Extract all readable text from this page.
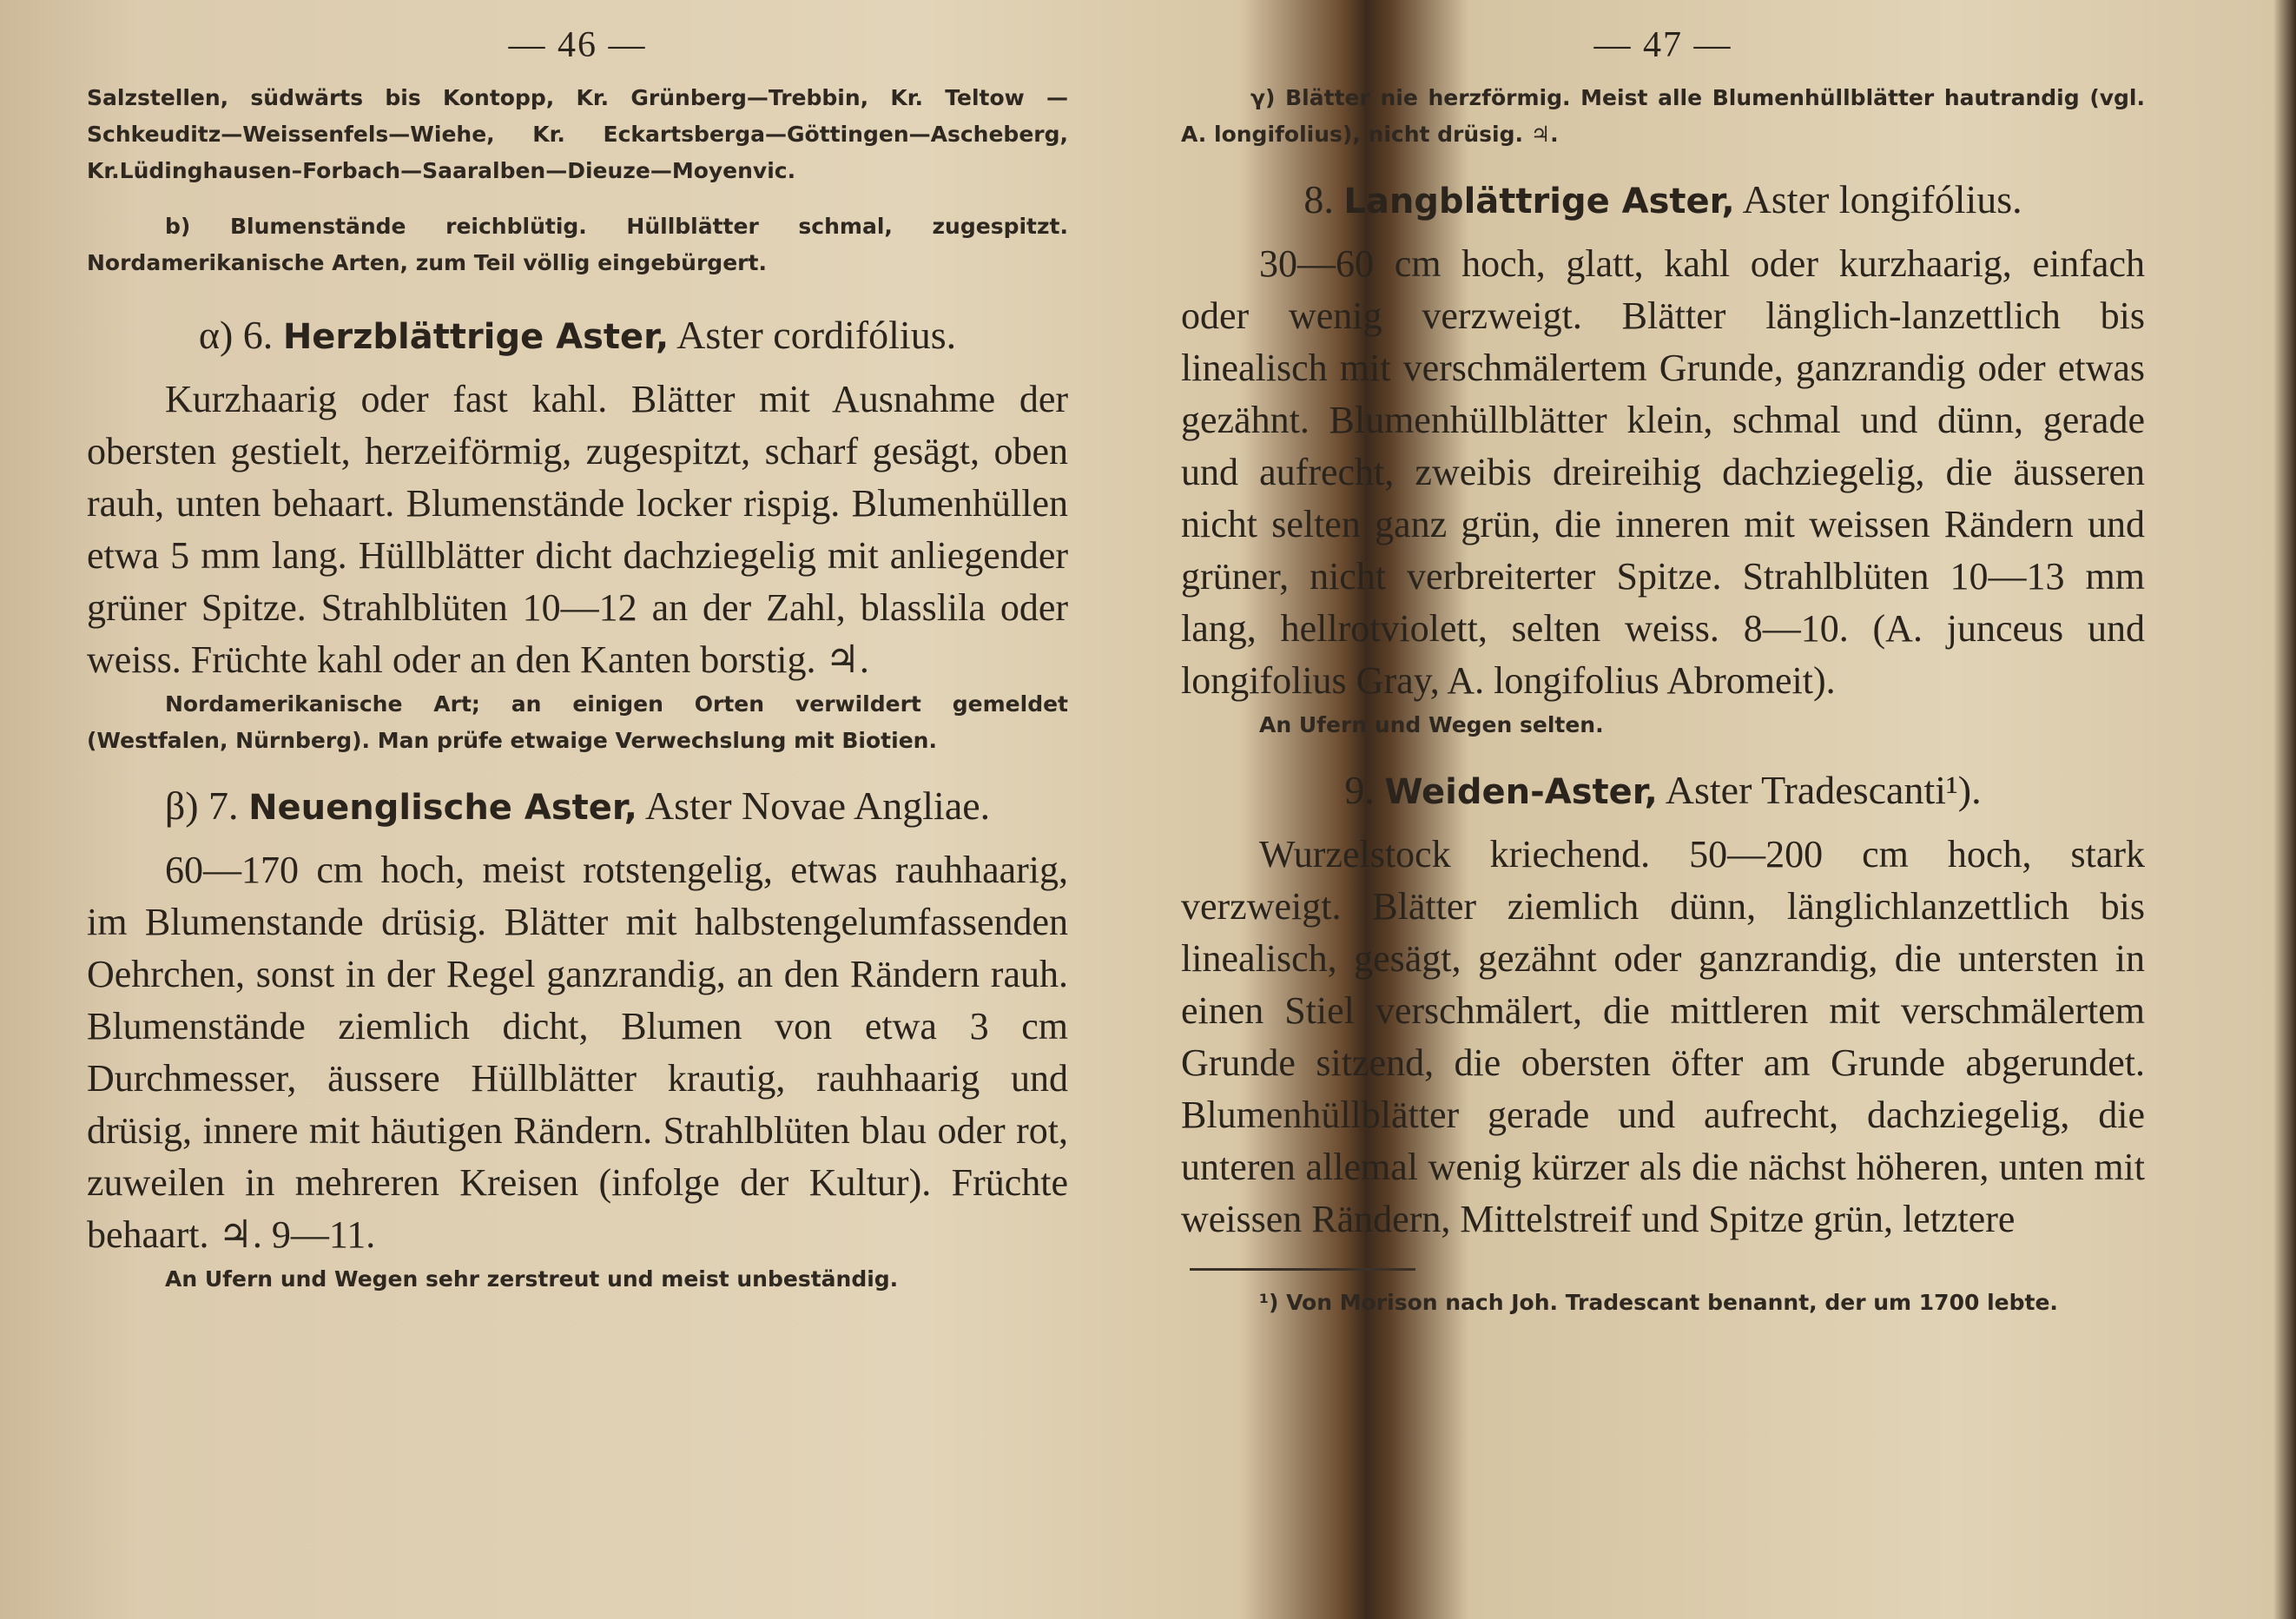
— 46 —

Salzstellen, südwärts bis Kontopp, Kr. Grünberg—Trebbin, Kr. Teltow —Schkeuditz—Weissenfels—Wiehe, Kr. Eckartsberga—Göttingen—Ascheberg, Kr.Lüdinghausen–Forbach—Saaralben—Dieuze—Moyenvic.

b) Blumenstände reichblütig. Hüllblätter schmal, zugespitzt. Nordamerikanische Arten, zum Teil völlig eingebürgert.

α) 6. Herzblättrige Aster, Aster cordifólius.

Kurzhaarig oder fast kahl. Blätter mit Ausnahme der obersten gestielt, herzeiförmig, zugespitzt, scharf gesägt, oben rauh, unten behaart. Blumenstände locker rispig. Blumenhüllen etwa 5 mm lang. Hüllblätter dicht dachziegelig mit anliegender grüner Spitze. Strahlblüten 10—12 an der Zahl, blasslila oder weiss. Früchte kahl oder an den Kanten borstig. ♃.

Nordamerikanische Art; an einigen Orten verwildert gemeldet (Westfalen, Nürnberg). Man prüfe etwaige Verwechslung mit Biotien.

β) 7. Neuenglische Aster, Aster Novae Angliae.

60—170 cm hoch, meist rotstengelig, etwas rauhhaarig, im Blumenstande drüsig. Blätter mit halbstengelumfassenden Oehrchen, sonst in der Regel ganzrandig, an den Rändern rauh. Blumenstände ziemlich dicht, Blumen von etwa 3 cm Durchmesser, äussere Hüllblätter krautig, rauhhaarig und drüsig, innere mit häutigen Rändern. Strahlblüten blau oder rot, zuweilen in mehreren Kreisen (infolge der Kultur). Früchte behaart. ♃. 9—11.

An Ufern und Wegen sehr zerstreut und meist unbeständig.

— 47 —

γ) Blätter nie herzförmig. Meist alle Blumenhüllblätter hautrandig (vgl. A. longifolius), nicht drüsig. ♃.

8. Langblättrige Aster, Aster longifólius.

30—60 cm hoch, glatt, kahl oder kurzhaarig, einfach oder wenig verzweigt. Blätter länglich-lanzettlich bis linealisch mit verschmälertem Grunde, ganzrandig oder etwas gezähnt. Blumenhüllblätter klein, schmal und dünn, gerade und aufrecht, zweibis dreireihig dachziegelig, die äusseren nicht selten ganz grün, die inneren mit weissen Rändern und grüner, nicht verbreiterter Spitze. Strahlblüten 10—13 mm lang, hellrotviolett, selten weiss. 8—10. (A. junceus und longifolius Gray, A. longifolius Abromeit).

An Ufern und Wegen selten.

9. Weiden-Aster, Aster Tradescanti¹).

Wurzelstock kriechend. 50—200 cm hoch, stark verzweigt. Blätter ziemlich dünn, länglichlanzettlich bis linealisch, gesägt, gezähnt oder ganzrandig, die untersten in einen Stiel verschmälert, die mittleren mit verschmälertem Grunde sitzend, die obersten öfter am Grunde abgerundet. Blumenhüllblätter gerade und aufrecht, dachziegelig, die unteren allemal wenig kürzer als die nächst höheren, unten mit weissen Rändern, Mittelstreif und Spitze grün, letztere

¹) Von Morison nach Joh. Tradescant benannt, der um 1700 lebte.
